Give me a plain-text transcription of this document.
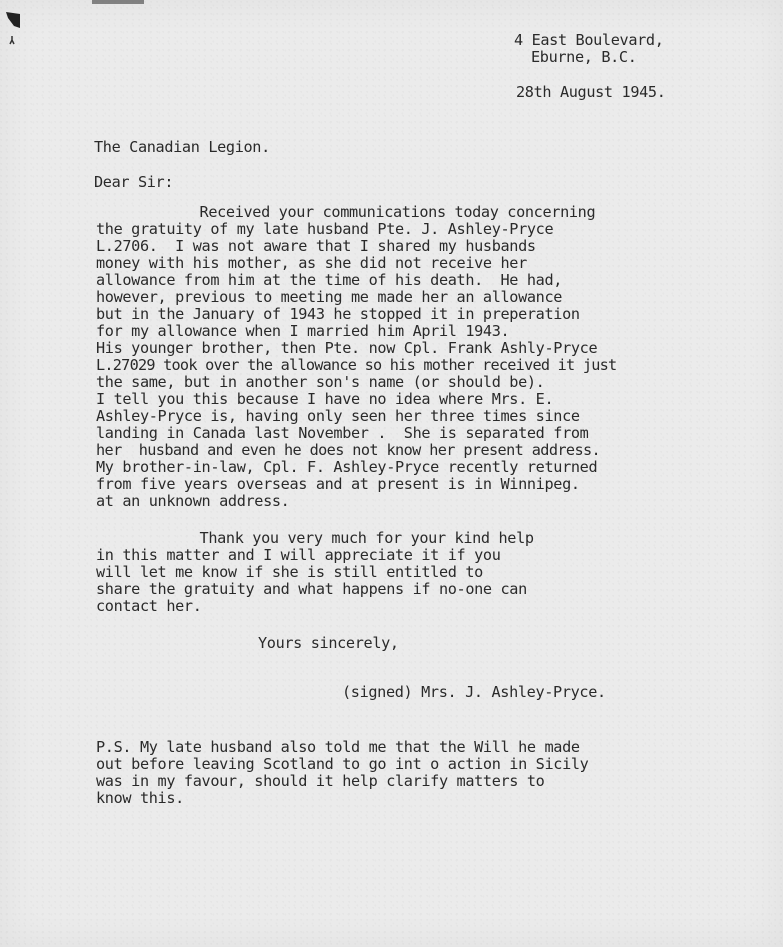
4 East Boulevard,
Eburne, B.C.
28th August 1945.
The Canadian Legion.
Dear Sir:
Received your communications today concerning
the gratuity of my late husband Pte. J. Ashley-Pryce
L.2706.  I was not aware that I shared my husbands
money with his mother, as she did not receive her
allowance from him at the time of his death.  He had,
however, previous to meeting me made her an allowance
but in the January of 1943 he stopped it in preperation
for my allowance when I married him April 1943.
His younger brother, then Pte. now Cpl. Frank Ashly-Pryce
L.27029 took over the allowance so his mother received it just
the same, but in another son's name (or should be).
I tell you this because I have no idea where Mrs. E.
Ashley-Pryce is, having only seen her three times since
landing in Canada last November .  She is separated from
her  husband and even he does not know her present address.
My brother-in-law, Cpl. F. Ashley-Pryce recently returned
from five years overseas and at present is in Winnipeg.
at an unknown address.
Thank you very much for your kind help
in this matter and I will appreciate it if you
will let me know if she is still entitled to
share the gratuity and what happens if no-one can
contact her.
Yours sincerely,
(signed) Mrs. J. Ashley-Pryce.
P.S. My late husband also told me that the Will he made
out before leaving Scotland to go int o action in Sicily
was in my favour, should it help clarify matters to
know this.
